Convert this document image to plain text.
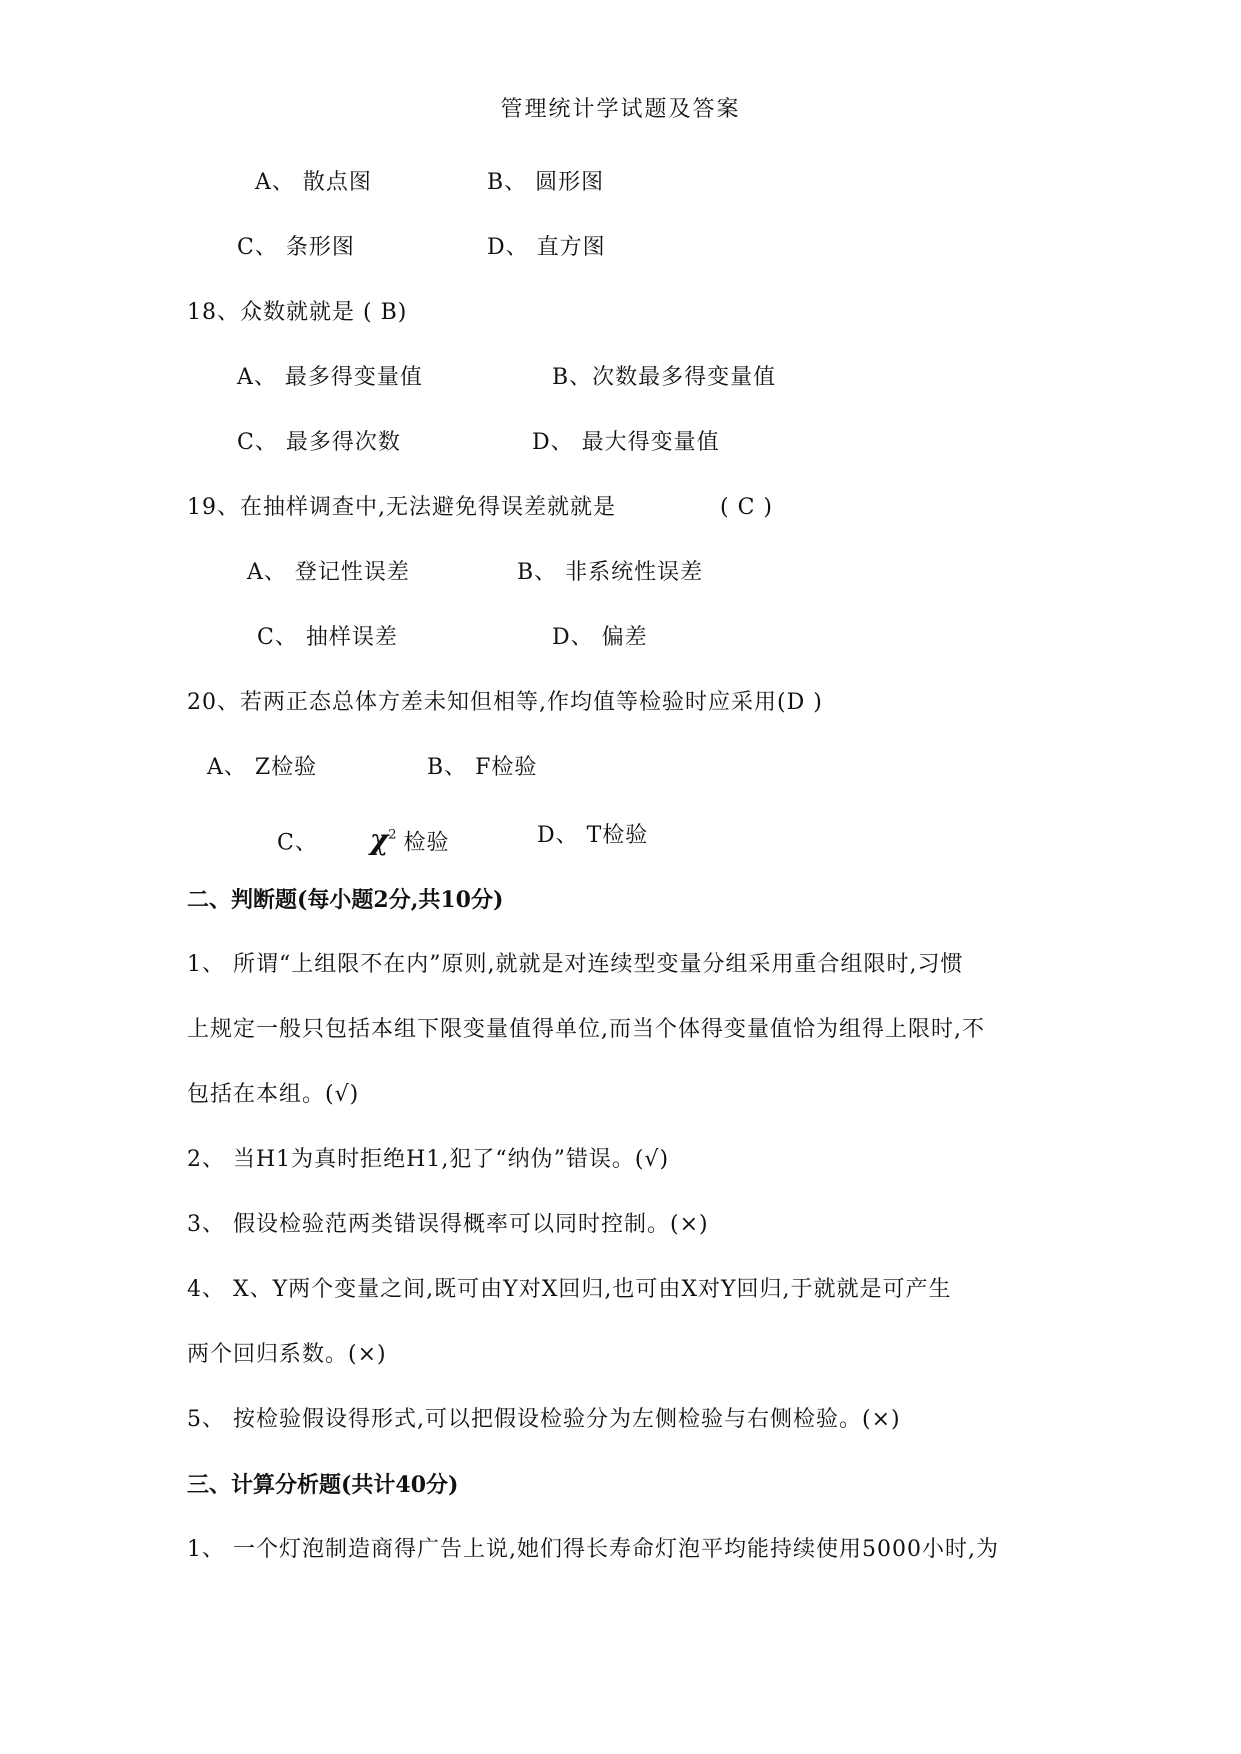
管理统计学试题及答案
A、 散点图	B、 圆形图
C、 条形图	D、 直方图
18、众数就就是 ( B)
A、 最多得变量值	B、次数最多得变量值
C、 最多得次数	D、 最大得变量值
19、在抽样调查中,无法避免得误差就就是	( C )
A、 登记性误差	B、 非系统性误差
C、 抽样误差	D、 偏差
20、若两正态总体方差未知但相等,作均值等检验时应采用(D )
A、 Z检验	B、 F检验
C、 $\chi^2$ 检验	D、 T检验
二、判断题(每小题2分,共10分)
1、 所谓“上组限不在内”原则,就就是对连续型变量分组采用重合组限时,习惯
上规定一般只包括本组下限变量值得单位,而当个体得变量值恰为组得上限时,不
包括在本组。(√)
2、 当H1为真时拒绝H1,犯了“纳伪”错误。(√)
3、 假设检验范两类错误得概率可以同时控制。(×)
4、 X、Y两个变量之间,既可由Y对X回归,也可由X对Y回归,于就就是可产生
两个回归系数。(×)
5、 按检验假设得形式,可以把假设检验分为左侧检验与右侧检验。(×)
三、计算分析题(共计40分)
1、 一个灯泡制造商得广告上说,她们得长寿命灯泡平均能持续使用5000小时,为
